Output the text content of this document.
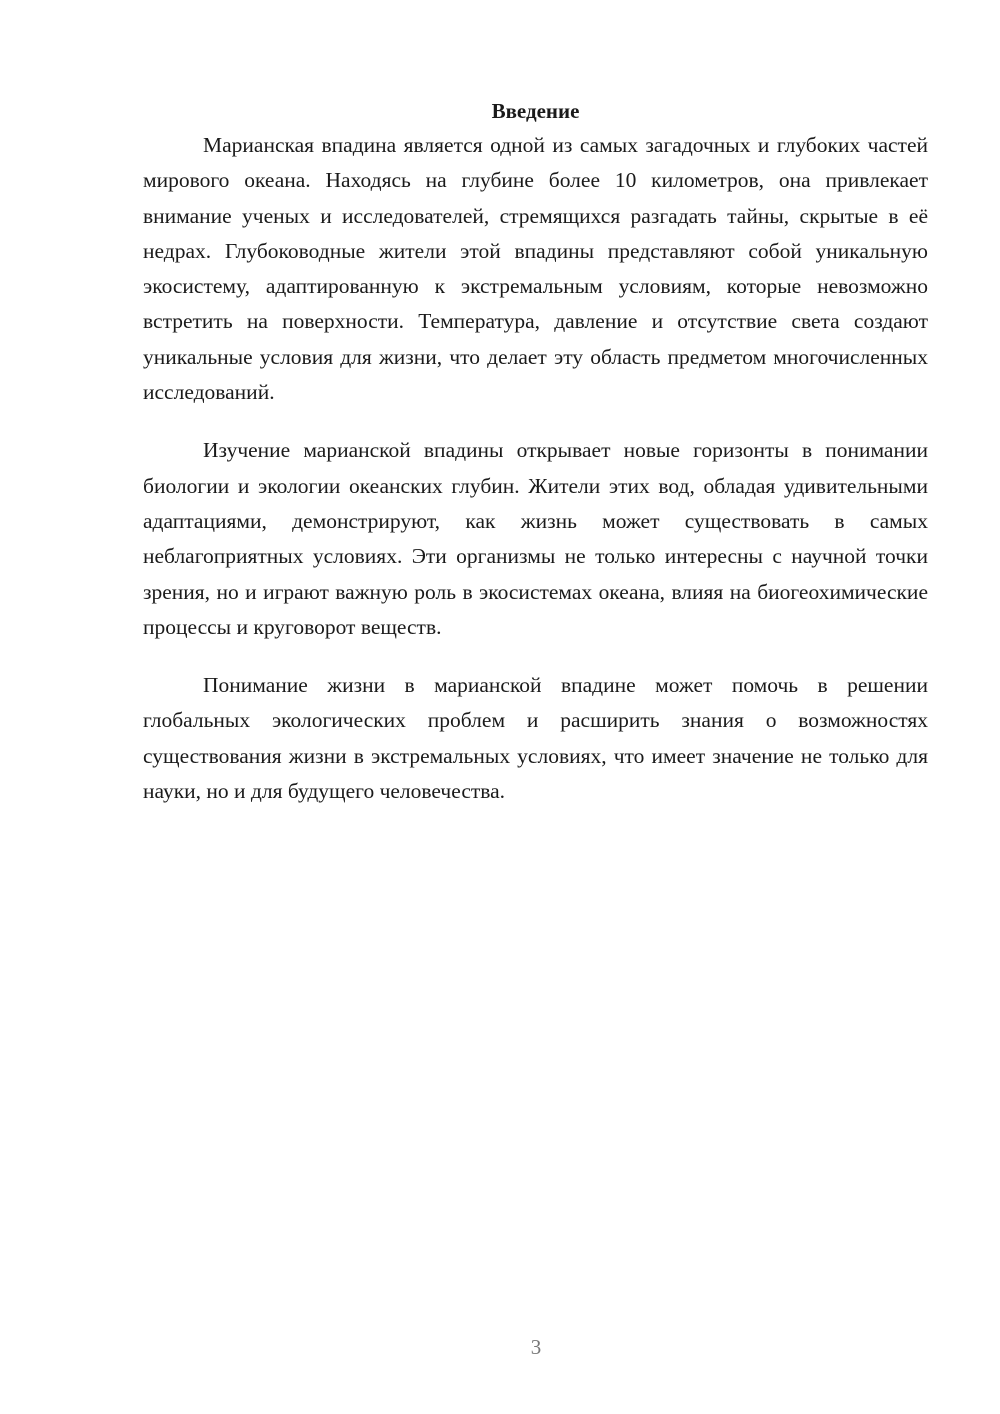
Введение

Марианская впадина является одной из самых загадочных и глубоких частей мирового океана. Находясь на глубине более 10 километров, она привлекает внимание ученых и исследователей, стремящихся разгадать тайны, скрытые в её недрах. Глубоководные жители этой впадины представляют собой уникальную экосистему, адаптированную к экстремальным условиям, которые невозможно встретить на поверхности. Температура, давление и отсутствие света создают уникальные условия для жизни, что делает эту область предметом многочисленных исследований.

Изучение марианской впадины открывает новые горизонты в понимании биологии и экологии океанских глубин. Жители этих вод, обладая удивительными адаптациями, демонстрируют, как жизнь может существовать в самых неблагоприятных условиях. Эти организмы не только интересны с научной точки зрения, но и играют важную роль в экосистемах океана, влияя на биогеохимические процессы и круговорот веществ.

Понимание жизни в марианской впадине может помочь в решении глобальных экологических проблем и расширить знания о возможностях существования жизни в экстремальных условиях, что имеет значение не только для науки, но и для будущего человечества.

3
